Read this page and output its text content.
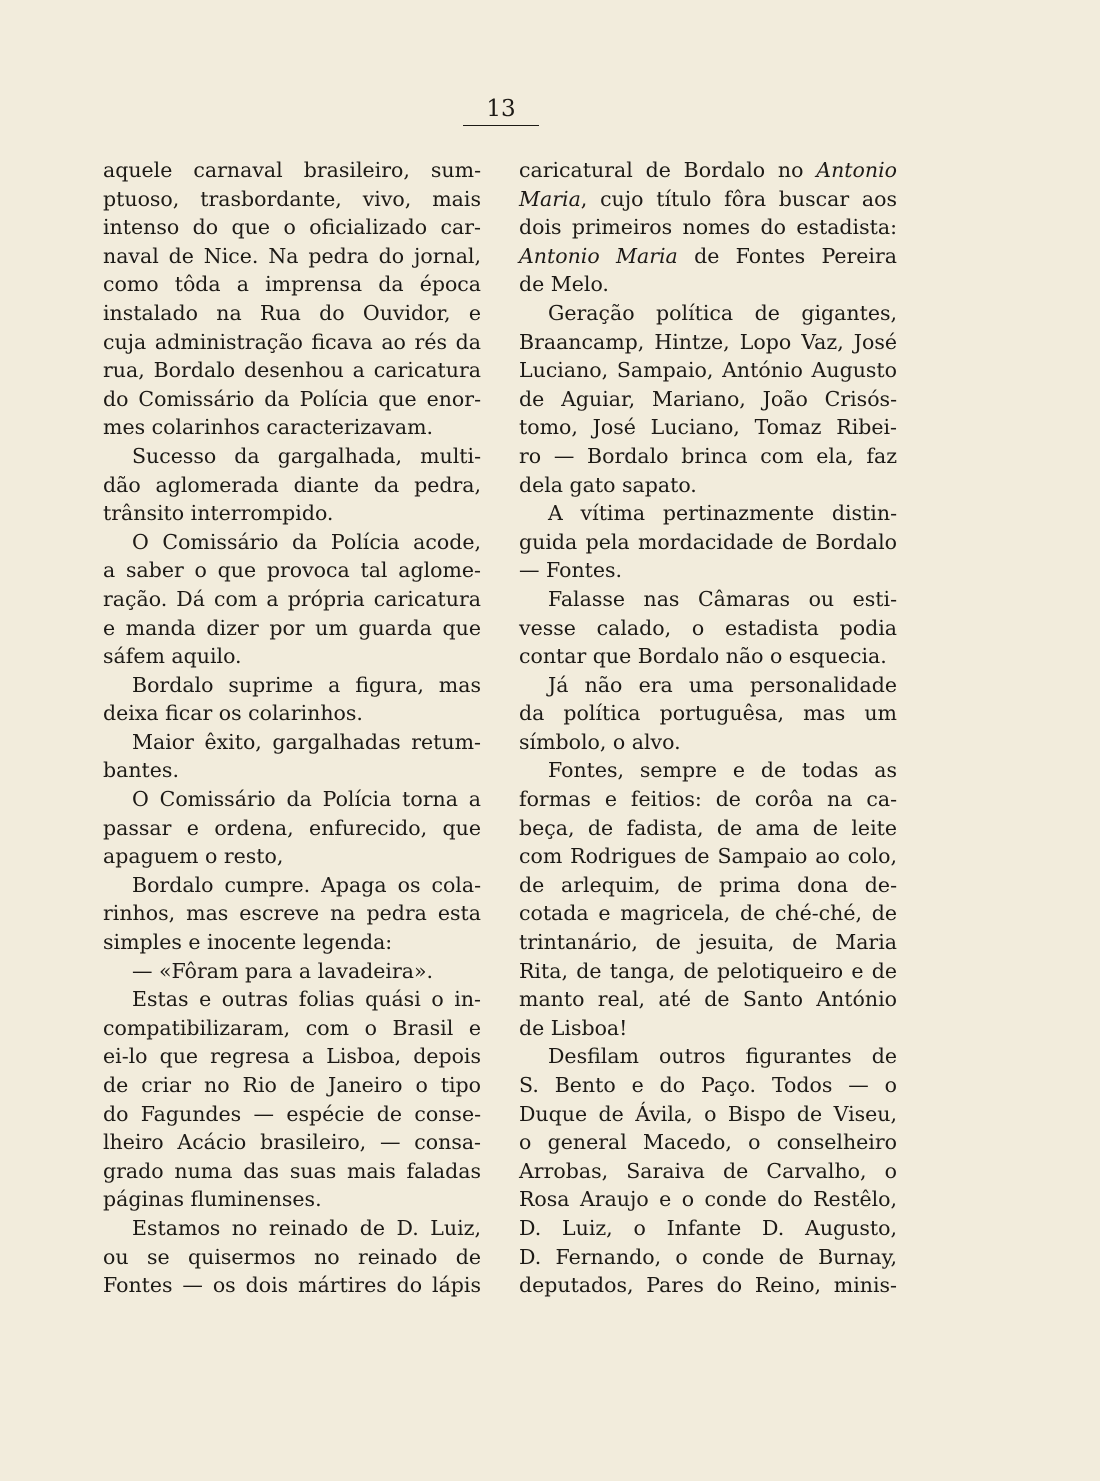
13

aquele carnaval brasileiro, sum-

ptuoso, trasbordante, vivo, mais

intenso do que o oficializado car-

naval de Nice. Na pedra do jornal,

como tôda a imprensa da época

instalado na Rua do Ouvidor, e

cuja administração ficava ao rés da

rua, Bordalo desenhou a caricatura

do Comissário da Polícia que enor-

mes colarinhos caracterizavam.

Sucesso da gargalhada, multi-

dão aglomerada diante da pedra,

trânsito interrompido.

O Comissário da Polícia acode,

a saber o que provoca tal aglome-

ração. Dá com a própria caricatura

e manda dizer por um guarda que

sáfem aquilo.

Bordalo suprime a figura, mas

deixa ficar os colarinhos.

Maior êxito, gargalhadas retum-

bantes.

O Comissário da Polícia torna a

passar e ordena, enfurecido, que

apaguem o resto,

Bordalo cumpre. Apaga os cola-

rinhos, mas escreve na pedra esta

simples e inocente legenda:

— «Fôram para a lavadeira».

Estas e outras folias quási o in-

compatibilizaram, com o Brasil e

ei-lo que regresa a Lisboa, depois

de criar no Rio de Janeiro o tipo

do Fagundes — espécie de conse-

lheiro Acácio brasileiro, — consa-

grado numa das suas mais faladas

páginas fluminenses.

Estamos no reinado de D. Luiz,

ou se quisermos no reinado de

Fontes — os dois mártires do lápis

caricatural de Bordalo no Antonio

Maria, cujo título fôra buscar aos

dois primeiros nomes do estadista:

Antonio Maria de Fontes Pereira

de Melo.

Geração política de gigantes,

Braancamp, Hintze, Lopo Vaz, José

Luciano, Sampaio, António Augusto

de Aguiar, Mariano, João Crisós-

tomo, José Luciano, Tomaz Ribei-

ro — Bordalo brinca com ela, faz

dela gato sapato.

A vítima pertinazmente distin-

guida pela mordacidade de Bordalo

— Fontes.

Falasse nas Câmaras ou esti-

vesse calado, o estadista podia

contar que Bordalo não o esquecia.

Já não era uma personalidade

da política portuguêsa, mas um

símbolo, o alvo.

Fontes, sempre e de todas as

formas e feitios: de corôa na ca-

beça, de fadista, de ama de leite

com Rodrigues de Sampaio ao colo,

de arlequim, de prima dona de-

cotada e magricela, de ché-ché, de

trintanário, de jesuita, de Maria

Rita, de tanga, de pelotiqueiro e de

manto real, até de Santo António

de Lisboa!

Desfilam outros figurantes de

S. Bento e do Paço. Todos — o

Duque de Ávila, o Bispo de Viseu,

o general Macedo, o conselheiro

Arrobas, Saraiva de Carvalho, o

Rosa Araujo e o conde do Restêlo,

D. Luiz, o Infante D. Augusto,

D. Fernando, o conde de Burnay,

deputados, Pares do Reino, minis-
